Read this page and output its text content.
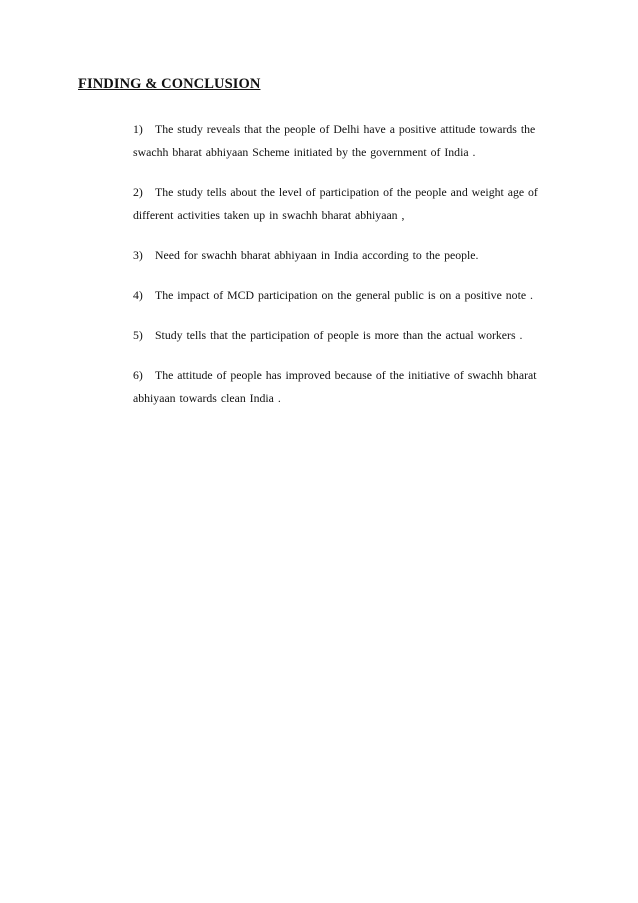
FINDING & CONCLUSION
1) The study reveals that the people of Delhi have a positive attitude towards the swachh bharat abhiyaan Scheme initiated by the government of India .
2) The study tells about the level of participation of the people and weight age of different activities taken up in swachh bharat abhiyaan ,
3) Need for swachh bharat abhiyaan in India according to the people.
4) The impact of MCD participation on the general public is on a positive note .
5) Study tells that the participation of people is more than the actual workers .
6) The attitude of people has improved because of the initiative of swachh bharat abhiyaan towards clean India .
